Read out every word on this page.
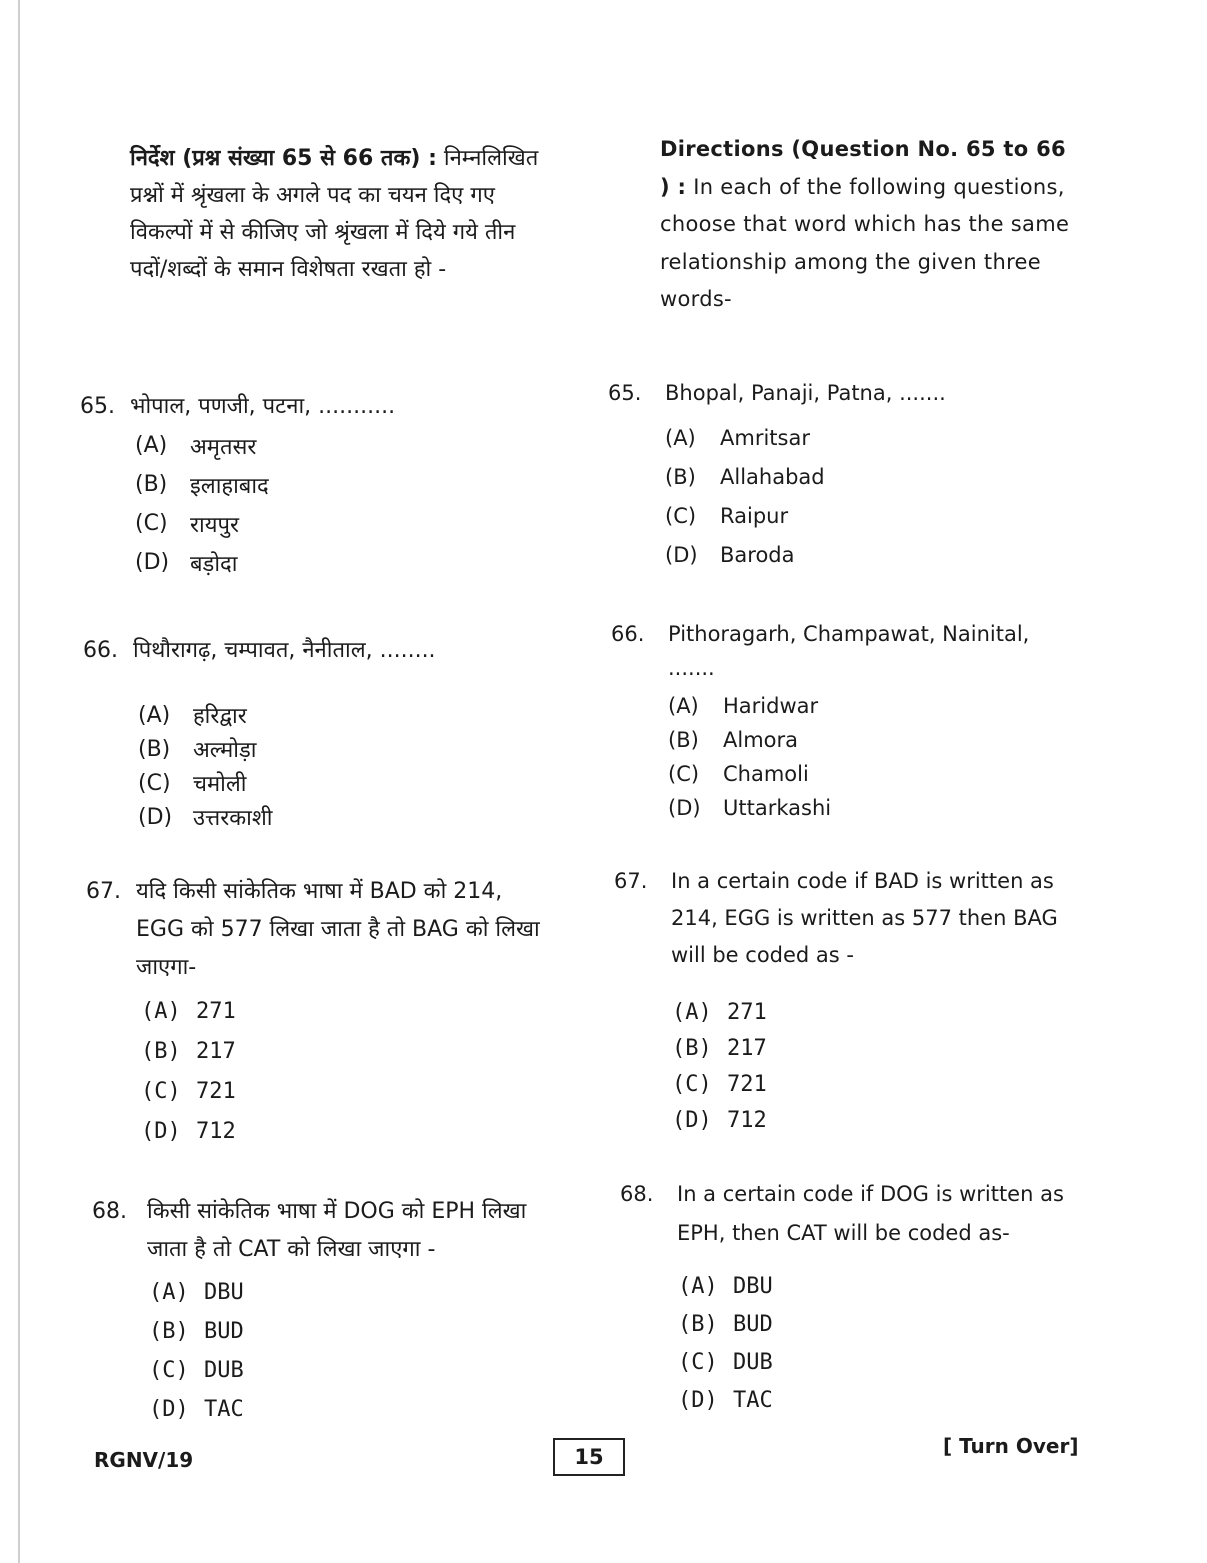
निर्देश (प्रश्न संख्या 65 से 66 तक) : निम्नलिखित प्रश्नों में श्रृंखला के अगले पद का चयन दिए गए विकल्पों में से कीजिए जो श्रृंखला में दिये गये तीन पदों/शब्दों के समान विशेषता रखता हो -

Directions (Question No. 65 to 66 ) : In each of the following questions, choose that word which has the same relationship among the given three words-

65. भोपाल, पणजी, पटना, ...........
(A)	अमृतसर
(B)	इलाहाबाद
(C)	रायपुर
(D) बड़ोदा
66. पिथौरागढ़, चम्पावत, नैनीताल, ........
(A)	हरिद्वार
(B)	अल्मोड़ा
(C)	चमोली
(D) उत्तरकाशी
67. यदि किसी सांकेतिक भाषा में BAD को 214, EGG को 577 लिखा जाता है तो BAG को लिखा जाएगा-
(A) 271
(B) 217
(C) 721
(D) 712
68. किसी सांकेतिक भाषा में DOG को EPH लिखा जाता है तो CAT को लिखा जाएगा -
(A) DBU
(B) BUD
(C) DUB
(D) TAC
65.	Bhopal, Panaji, Patna, .......
(A)	Amritsar
(B)	Allahabad
(C)	Raipur
(D)	Baroda
66.	Pithoragarh, Champawat, Nainital, .......
(A)	Haridwar
(B)	Almora
(C)	Chamoli
(D)	Uttarkashi
67.	In a certain code if BAD is written as 214, EGG is written as 577 then BAG will be coded as -
(A) 271
(B) 217
(C) 721
(D) 712
68.	In a certain code if DOG is written as EPH, then CAT will be coded as-
(A) DBU
(B) BUD
(C) DUB
(D) TAC
RGNV/19	15	[ Turn Over]
